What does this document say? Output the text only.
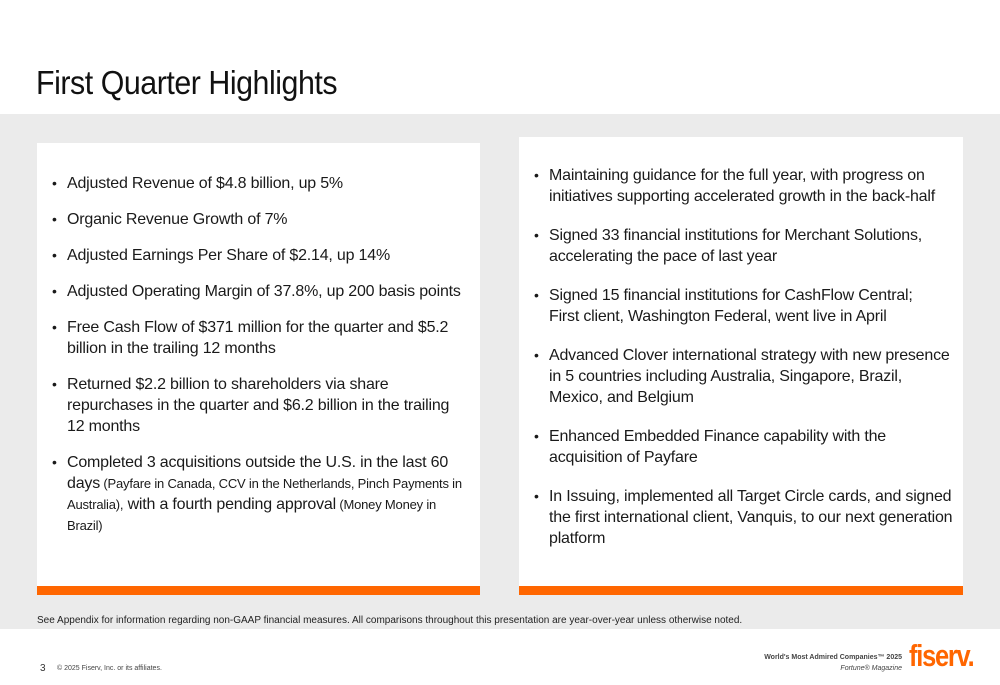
First Quarter Highlights
• Adjusted Revenue of $4.8 billion, up 5%
• Organic Revenue Growth of 7%
• Adjusted Earnings Per Share of $2.14, up 14%
• Adjusted Operating Margin of 37.8%, up 200 basis points
• Free Cash Flow of $371 million for the quarter and $5.2 billion in the trailing 12 months
• Returned $2.2 billion to shareholders via share repurchases in the quarter and $6.2 billion in the trailing 12 months
• Completed 3 acquisitions outside the U.S. in the last 60 days (Payfare in Canada, CCV in the Netherlands, Pinch Payments in Australia), with a fourth pending approval (Money Money in Brazil)
• Maintaining guidance for the full year, with progress on initiatives supporting accelerated growth in the back-half
• Signed 33 financial institutions for Merchant Solutions, accelerating the pace of last year
• Signed 15 financial institutions for CashFlow Central;
First client, Washington Federal, went live in April
• Advanced Clover international strategy with new presence in 5 countries including Australia, Singapore, Brazil, Mexico, and Belgium
• Enhanced Embedded Finance capability with the acquisition of Payfare
• In Issuing, implemented all Target Circle cards, and signed the first international client, Vanquis, to our next generation platform
See Appendix for information regarding non-GAAP financial measures. All comparisons throughout this presentation are year-over-year unless otherwise noted.
3 © 2025 Fiserv, Inc. or its affiliates.
World's Most Admired Companies™ 2025
Fortune® Magazine fiserv.
